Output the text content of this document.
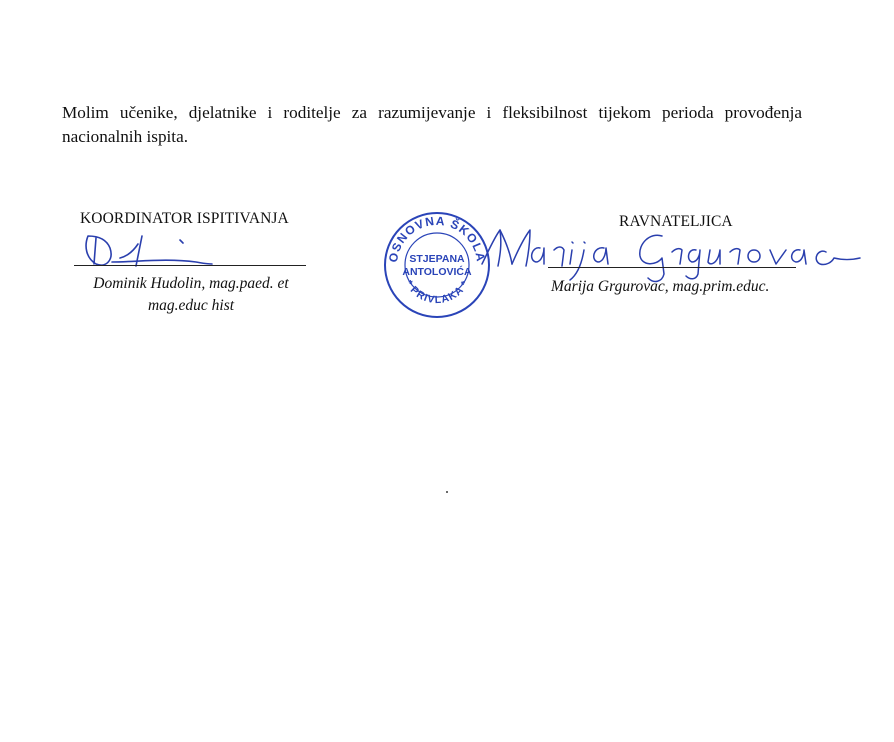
Molim učenike, djelatnike i roditelje za razumijevanje i fleksibilnost tijekom perioda provođenja nacionalnih ispita.

KOORDINATOR ISPITIVANJA
Dominik Hudolin, mag.paed. et
mag.educ hist
OSNOVNA ŠKOLA
* PRIVLAKA *
STJEPANA
ANTOLOVIĆA
RAVNATELJICA
Marija Grgurovac, mag.prim.educ.
